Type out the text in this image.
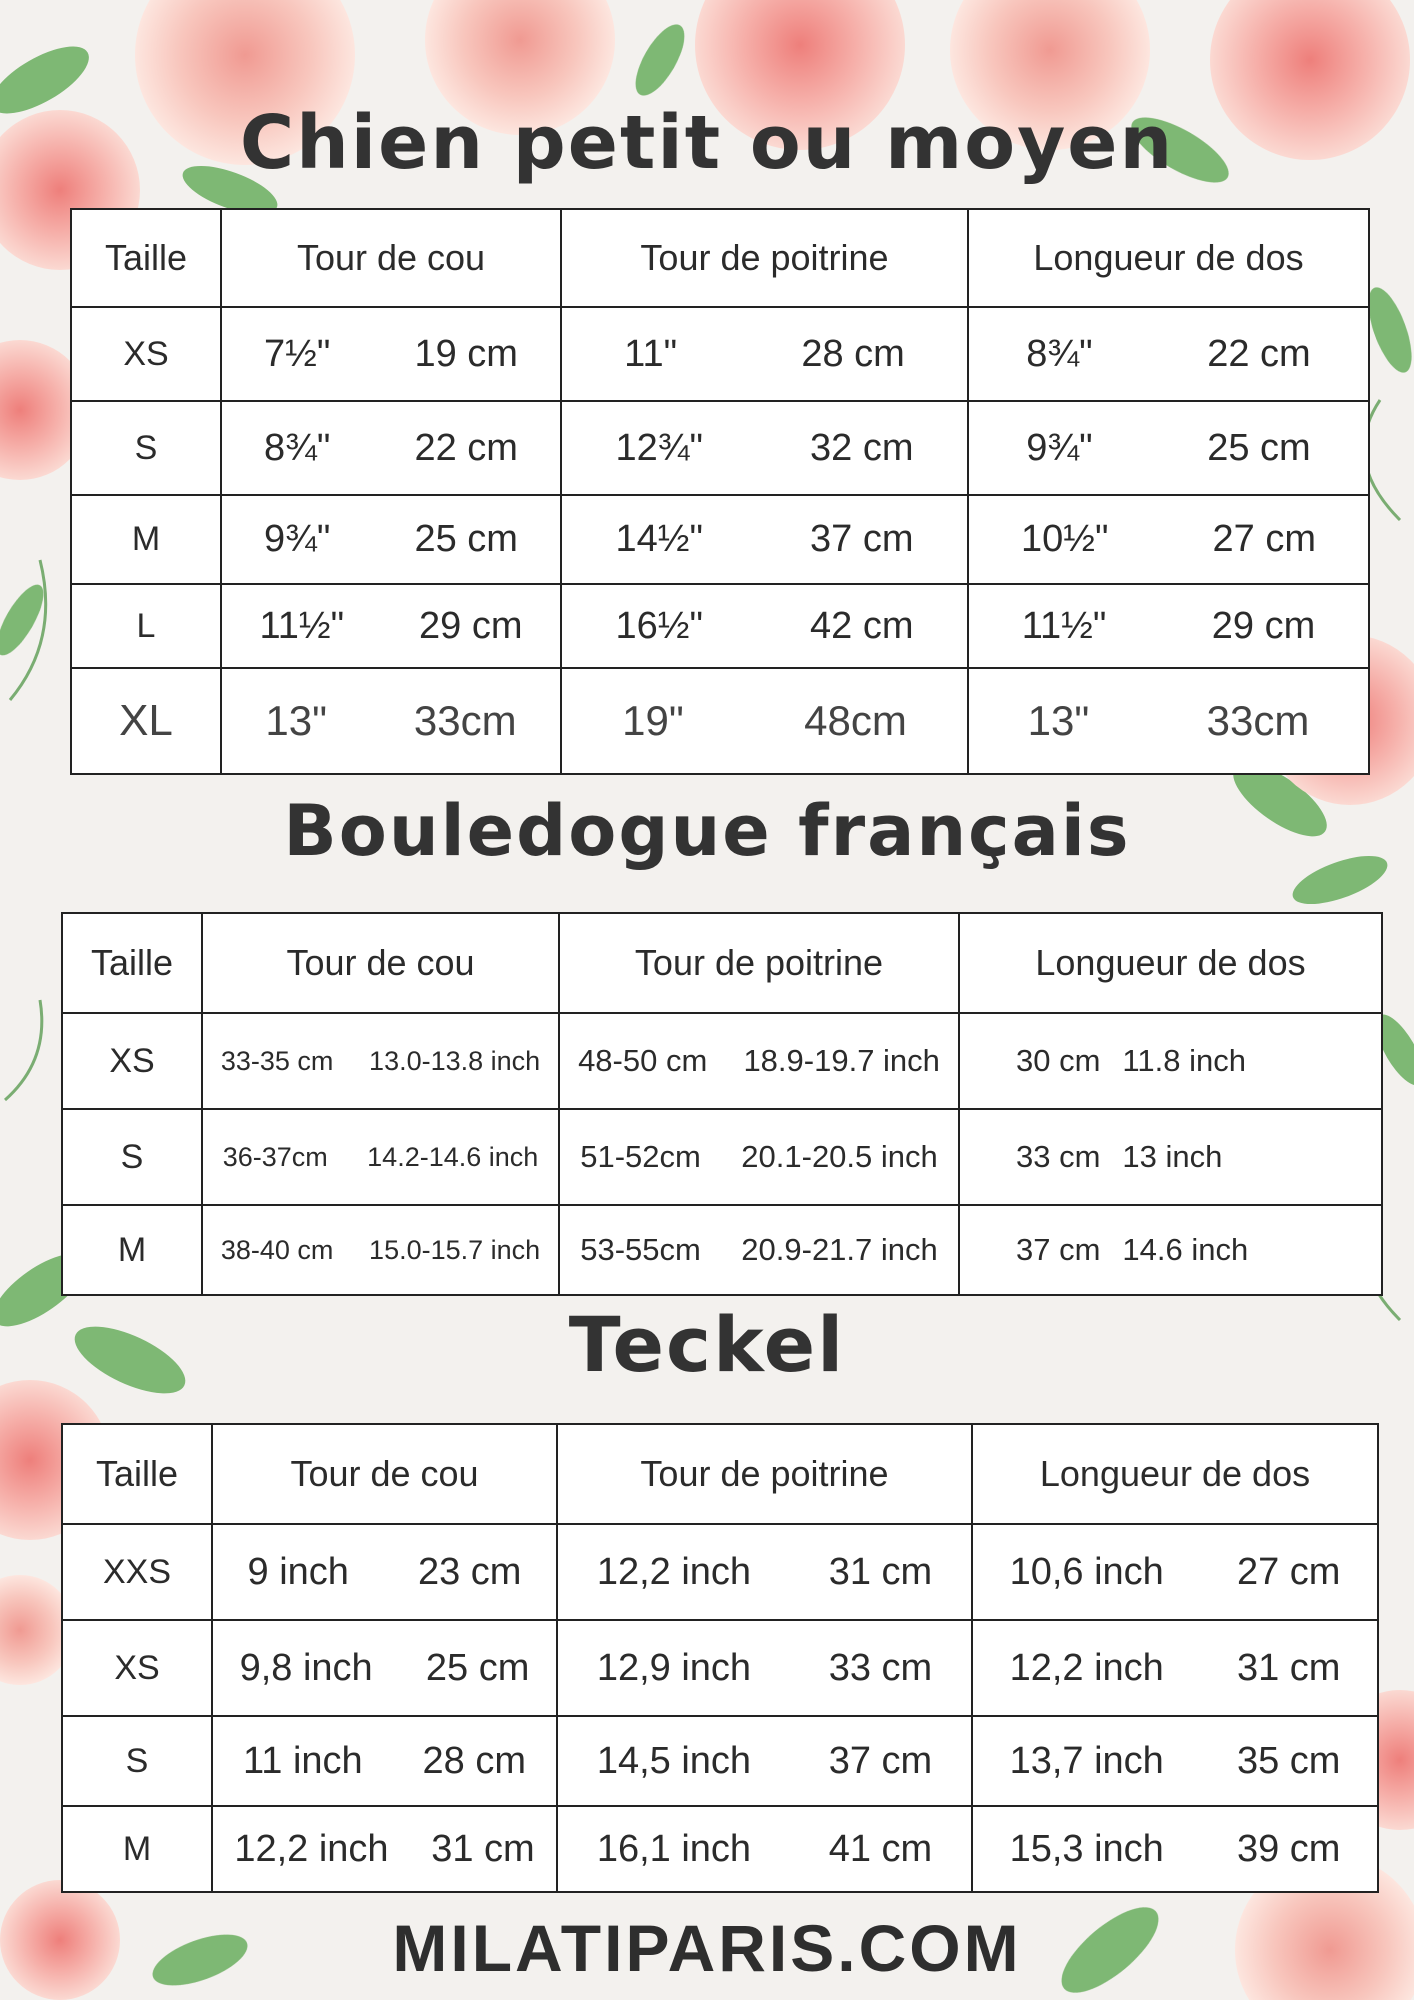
Chien petit ou moyen
Taille	Tour de cou	Tour de poitrine	Longueur de dos
XS	7½" 19 cm	11" 28 cm	8¾" 22 cm

S	8¾" 22 cm	12¾" 32 cm	9¾" 25 cm

M	9¾" 25 cm	14½" 37 cm	10½" 27 cm

L	11½" 29 cm	16½" 42 cm	11½" 29 cm

XL	13" 33cm	19" 48cm	13" 33cm
Bouledogue français
Taille	Tour de cou	Tour de poitrine	Longueur de dos
XS	33-35 cm 13.0-13.8 inch	48-50 cm 18.9-19.7 inch	30 cm 11.8 inch

S	36-37cm 14.2-14.6 inch	51-52cm 20.1-20.5 inch	33 cm 13 inch

M	38-40 cm 15.0-15.7 inch	53-55cm 20.9-21.7 inch	37 cm 14.6 inch
Teckel
Taille	Tour de cou	Tour de poitrine	Longueur de dos
XXS	9 inch 23 cm	12,2 inch 31 cm	10,6 inch 27 cm

XS	9,8 inch 25 cm	12,9 inch 33 cm	12,2 inch 31 cm

S	11 inch 28 cm	14,5 inch 37 cm	13,7 inch 35 cm

M	12,2 inch 31 cm	16,1 inch 41 cm	15,3 inch 39 cm
MILATIPARIS.COM
